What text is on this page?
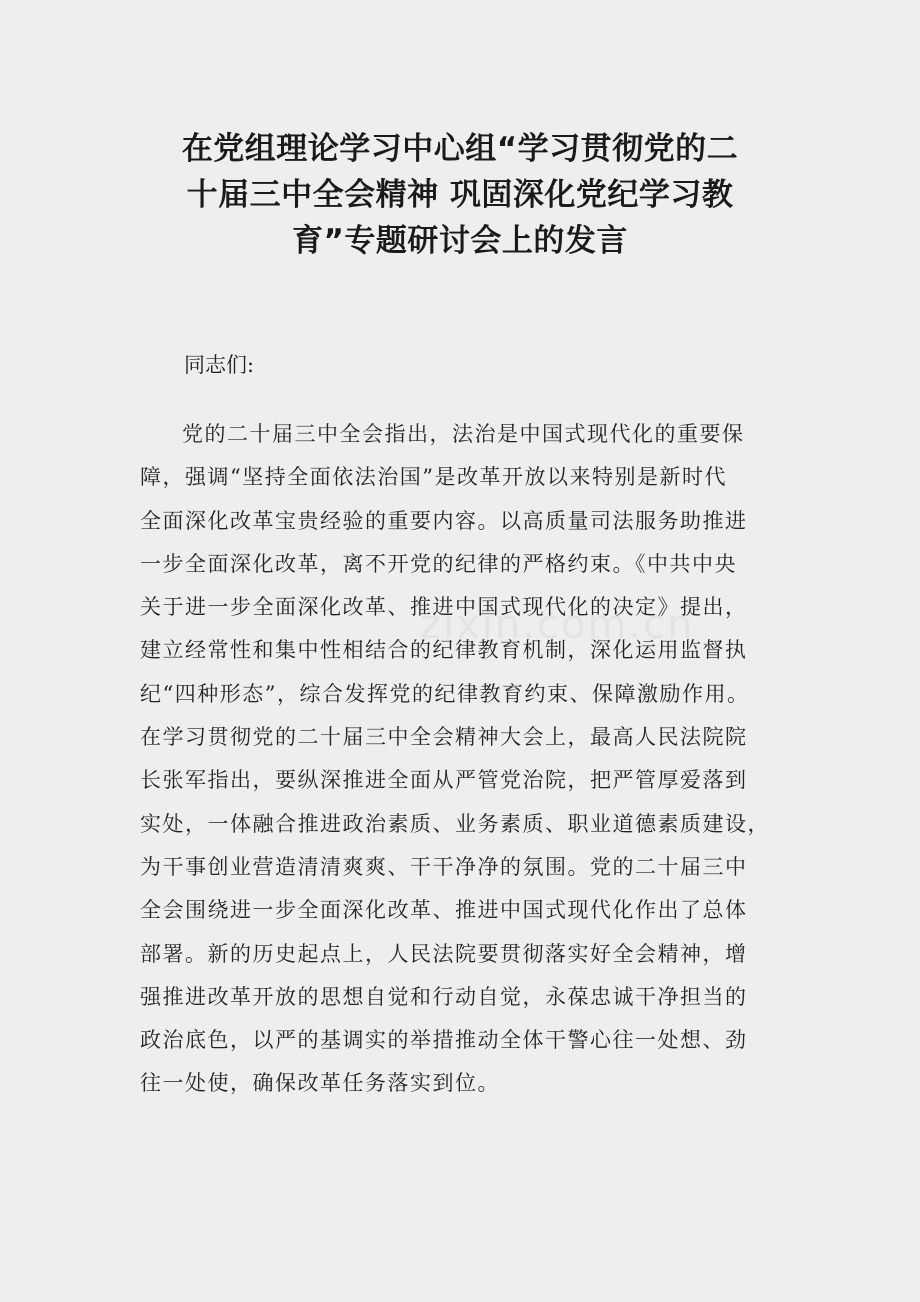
在党组理论学习中心组“学习贯彻党的二
十届三中全会精神 巩固深化党纪学习教
育”专题研讨会上的发言

同志们:

党的二十届三中全会指出，法治是中国式现代化的重要保
障，强调“坚持全面依法治国”是改革开放以来特别是新时代
全面深化改革宝贵经验的重要内容。以高质量司法服务助推进
一步全面深化改革，离不开党的纪律的严格约束。《中共中央
关于进一步全面深化改革、推进中国式现代化的决定》提出，
建立经常性和集中性相结合的纪律教育机制，深化运用监督执
纪“四种形态”，综合发挥党的纪律教育约束、保障激励作用。
在学习贯彻党的二十届三中全会精神大会上，最高人民法院院
长张军指出，要纵深推进全面从严管党治院，把严管厚爱落到
实处，一体融合推进政治素质、业务素质、职业道德素质建设，
为干事创业营造清清爽爽、干干净净的氛围。党的二十届三中
全会围绕进一步全面深化改革、推进中国式现代化作出了总体
部署。新的历史起点上，人民法院要贯彻落实好全会精神，增
强推进改革开放的思想自觉和行动自觉，永葆忠诚干净担当的
政治底色，以严的基调实的举措推动全体干警心往一处想、劲
往一处使，确保改革任务落实到位。
